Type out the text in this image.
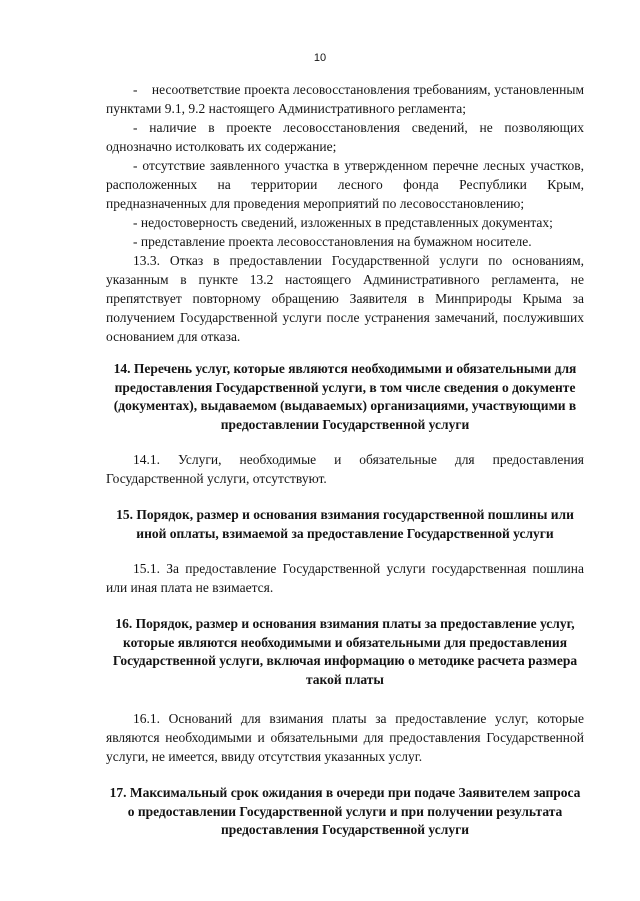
10

-    несоответствие проекта лесовосстановления требованиям, установленным пунктами 9.1, 9.2 настоящего Административного регламента;

- наличие в проекте лесовосстановления сведений, не позволяющих однозначно истолковать их содержание;

- отсутствие заявленного участка в утвержденном перечне лесных участков, расположенных на территории лесного фонда Республики Крым, предназначенных для проведения мероприятий по лесовосстановлению;

- недостоверность сведений, изложенных в представленных документах;

- представление проекта лесовосстановления на бумажном носителе.

13.3. Отказ в предоставлении Государственной услуги по основаниям, указанным в пункте 13.2 настоящего Административного регламента, не препятствует повторному обращению Заявителя в Минприроды Крыма за получением Государственной услуги после устранения замечаний, послуживших основанием для отказа.

14. Перечень услуг, которые являются необходимыми и обязательными для предоставления Государственной услуги, в том числе сведения о документе (документах), выдаваемом (выдаваемых) организациями, участвующими в предоставлении Государственной услуги

14.1. Услуги, необходимые и обязательные для предоставления Государственной услуги, отсутствуют.

15. Порядок, размер и основания взимания государственной пошлины или иной оплаты, взимаемой за предоставление Государственной услуги

15.1. За предоставление Государственной услуги государственная пошлина или иная плата не взимается.

16. Порядок, размер и основания взимания платы за предоставление услуг, которые являются необходимыми и обязательными для предоставления Государственной услуги, включая информацию о методике расчета размера такой платы

16.1. Оснований для взимания платы за предоставление услуг, которые являются необходимыми и обязательными для предоставления Государственной услуги, не имеется, ввиду отсутствия указанных услуг.

17. Максимальный срок ожидания в очереди при подаче Заявителем запроса о предоставлении Государственной услуги и при получении результата предоставления Государственной услуги
